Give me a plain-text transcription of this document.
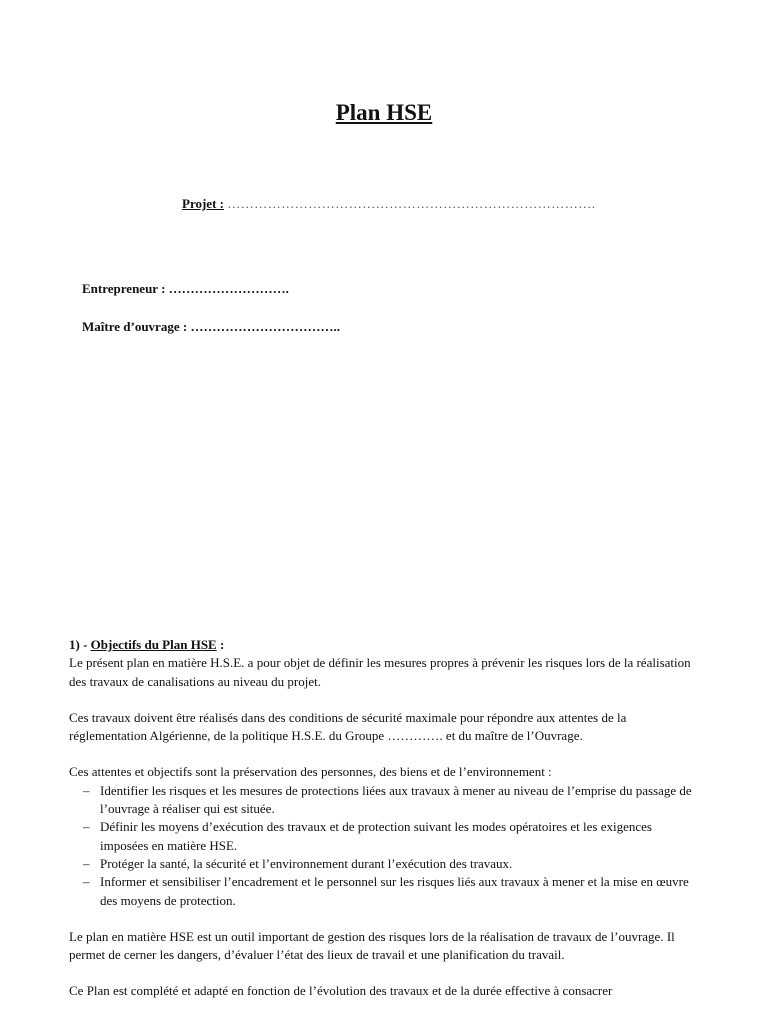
Plan HSE
Projet : ……………………………………………………………………….
Entrepreneur : ……………………….
Maître d’ouvrage : ……………………………..

1) - Objectifs du Plan HSE :

Le présent plan en matière H.S.E. a pour objet de définir les mesures propres à prévenir les risques lors de la réalisation des travaux de canalisations au niveau du projet.

Ces travaux doivent être réalisés dans des conditions de sécurité maximale pour répondre aux attentes de la réglementation Algérienne, de la politique H.S.E. du Groupe …………. et du maître de l’Ouvrage.

Ces attentes et objectifs sont la préservation des personnes, des biens et de l’environnement :

– Identifier les risques et les mesures de protections liées aux travaux à mener au niveau de l’emprise du passage de l’ouvrage à réaliser qui est située.
– Définir les moyens d’exécution des travaux et de protection suivant les modes opératoires et les exigences imposées en matière HSE.
– Protéger la santé, la sécurité et l’environnement durant l’exécution des travaux.
– Informer et sensibiliser l’encadrement et le personnel sur les risques liés aux travaux à mener et la mise en œuvre des moyens de protection.

Le plan en matière HSE est un outil important de gestion des risques lors de la réalisation de travaux de l’ouvrage. Il permet de cerner les dangers, d’évaluer l’état des lieux de travail et une planification du travail.

Ce Plan est complété et adapté en fonction de l’évolution des travaux et de la durée effective à consacrer
